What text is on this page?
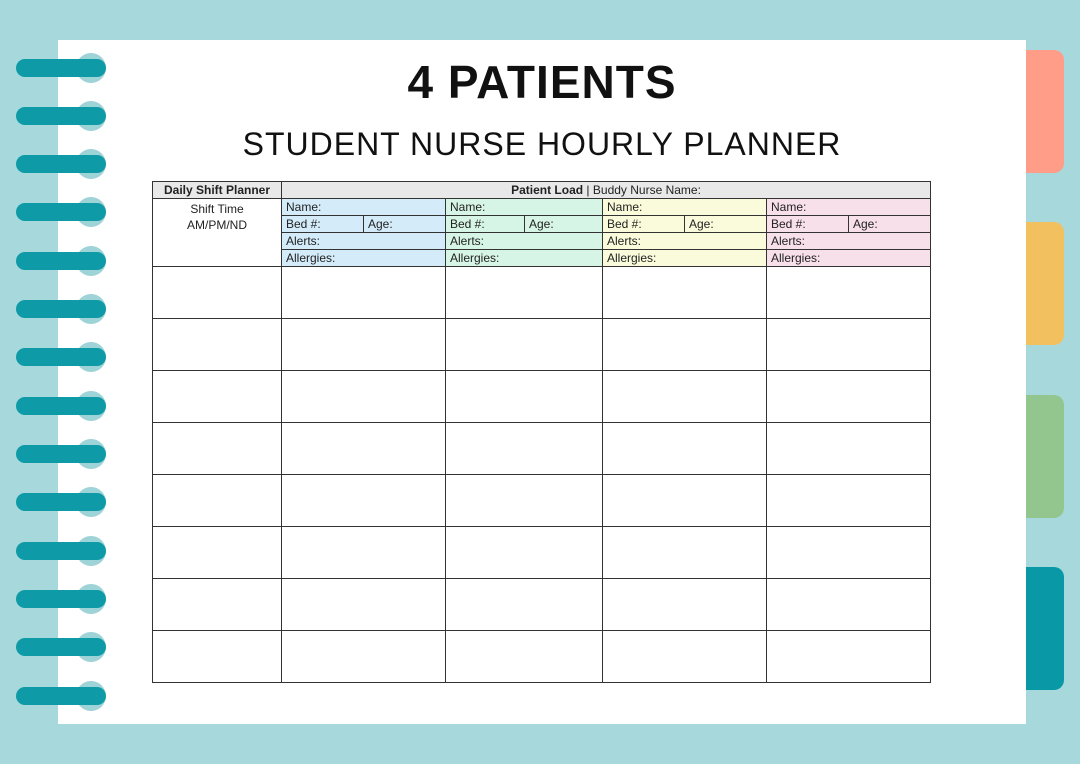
4 PATIENTS
STUDENT NURSE HOURLY PLANNER
Daily Shift Planner	Patient Load | Buddy Nurse Name:							

Shift Time
AM/PM/ND	Name:		Name:		Name:		Name:	
	Bed #:	Age:	Bed #:	Age:	Bed #:	Age:	Bed #:	Age:
	Alerts:		Alerts:		Alerts:		Alerts:	
	Allergies:		Allergies:		Allergies:		Allergies:	
